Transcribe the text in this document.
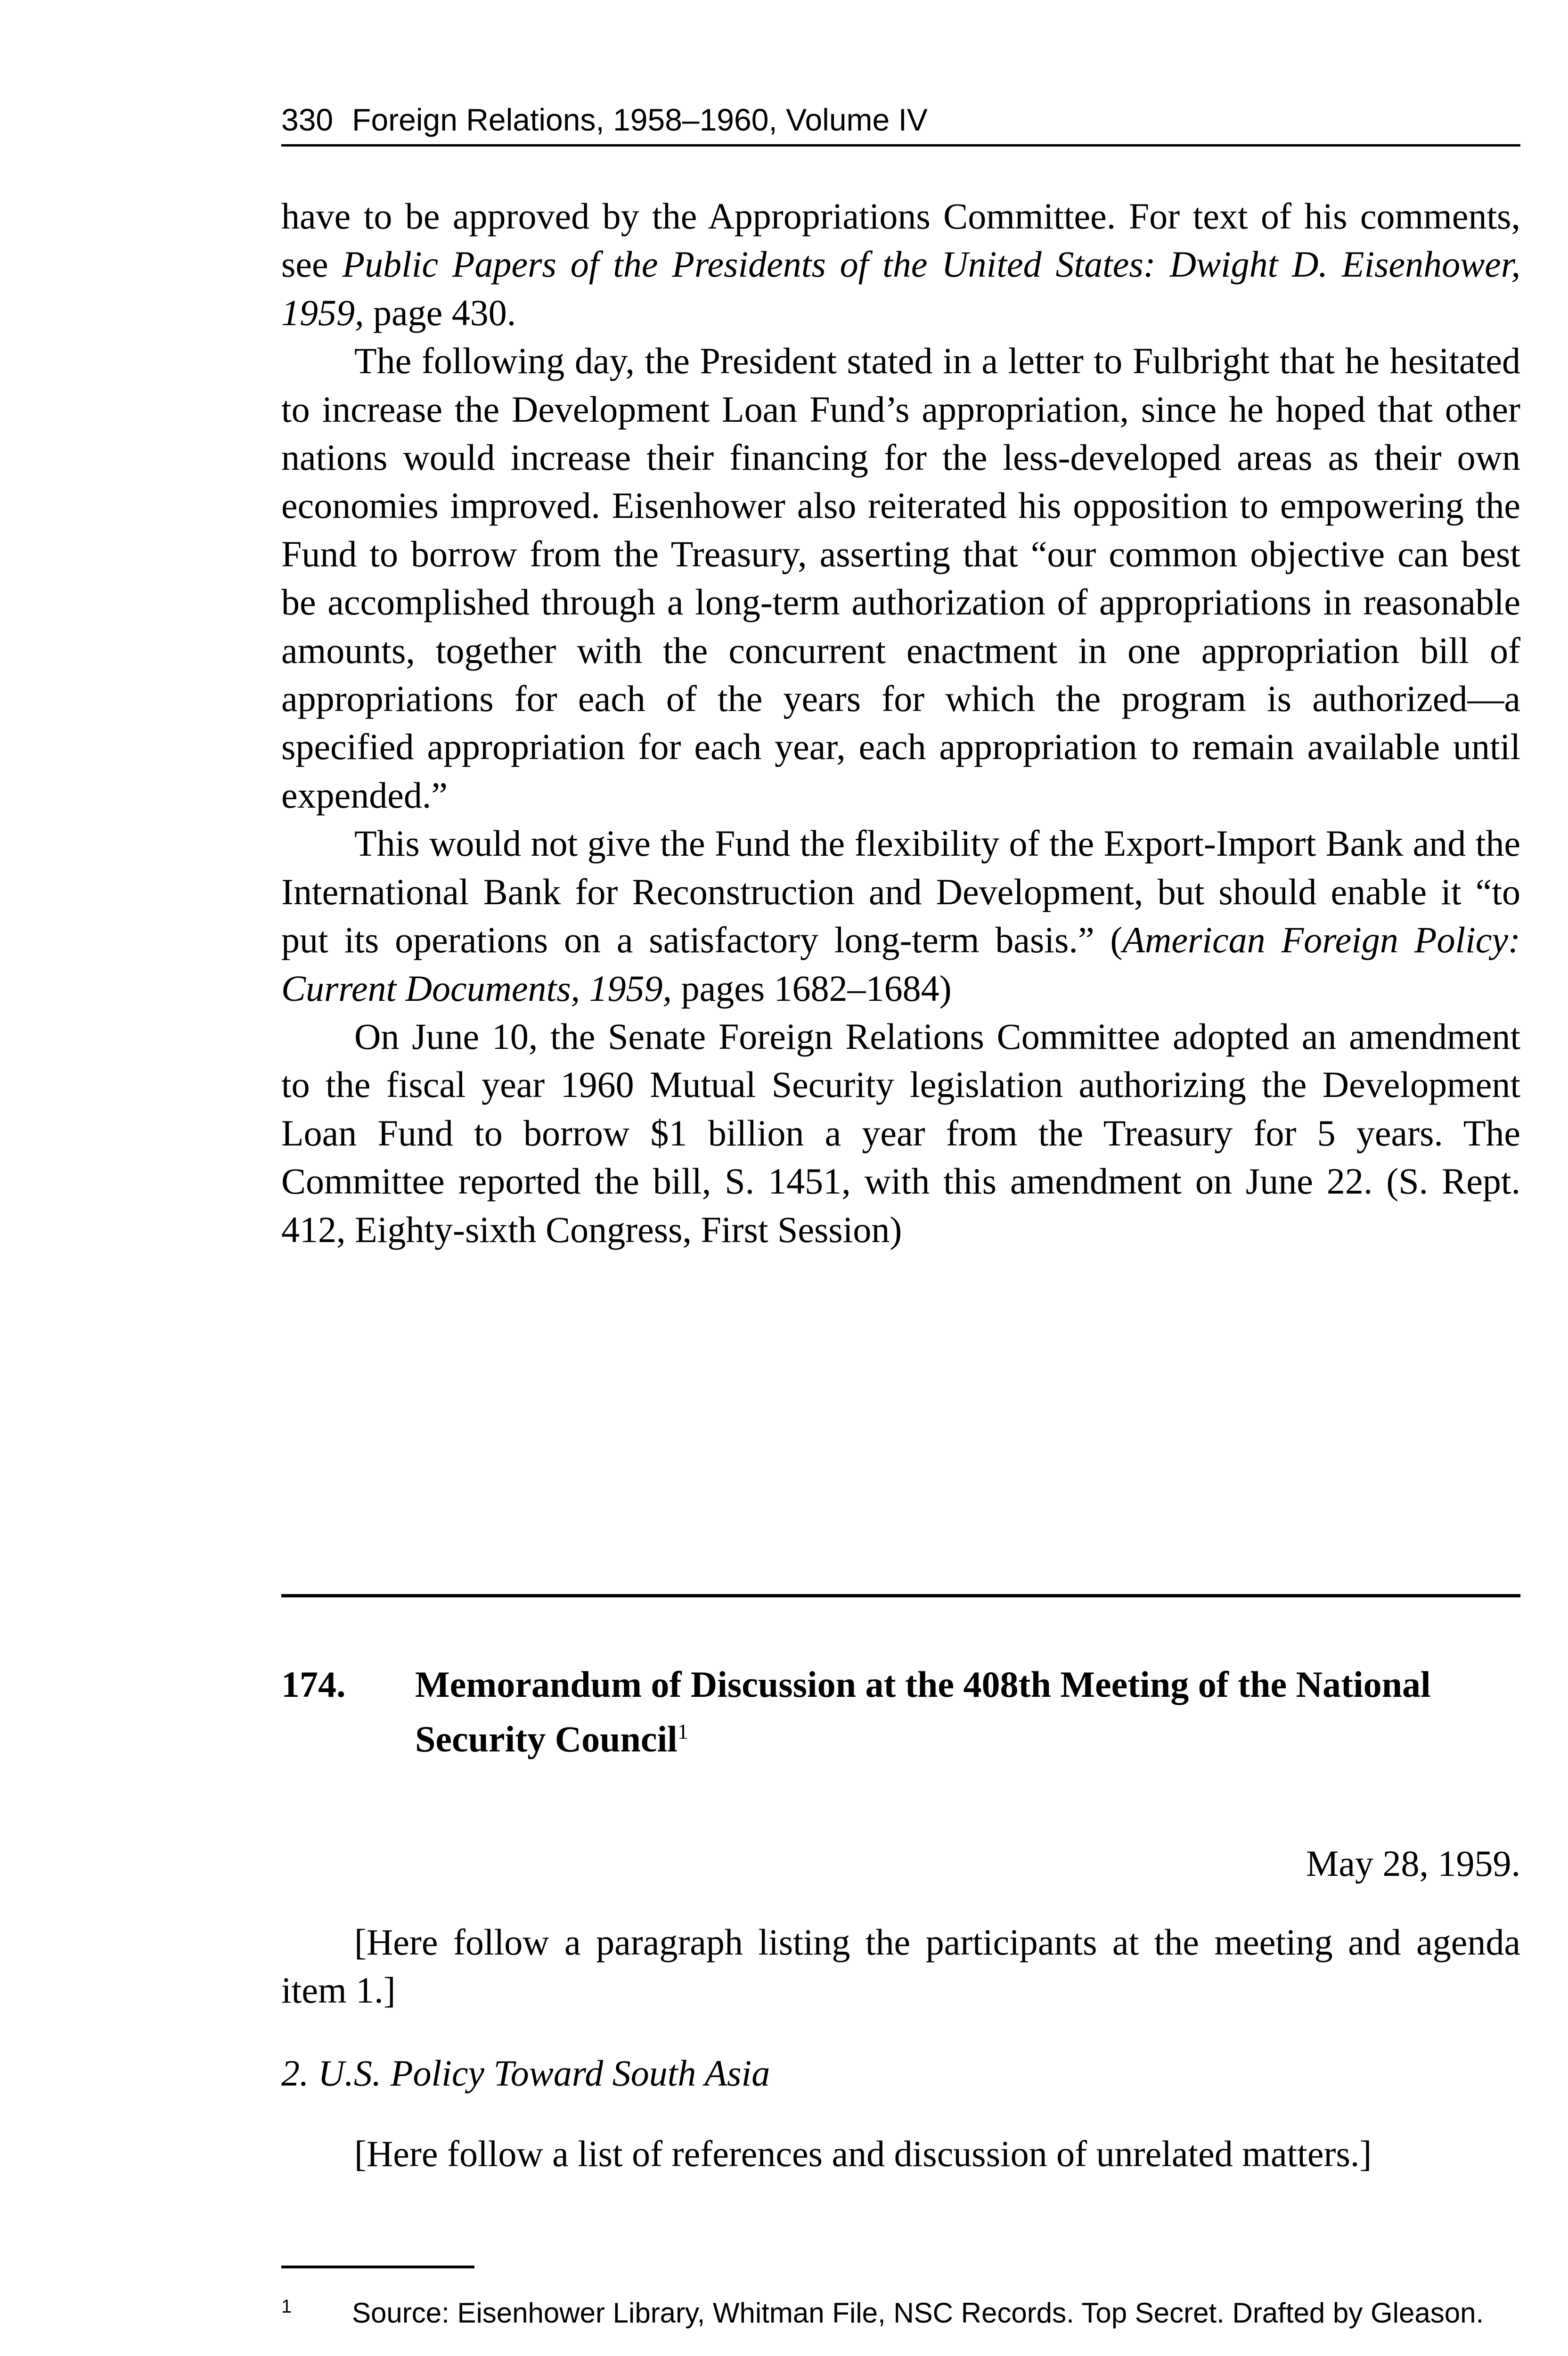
330 Foreign Relations, 1958–1960, Volume IV

have to be approved by the Appropriations Committee. For text of his comments, see Public Papers of the Presidents of the United States: Dwight D. Eisenhower, 1959, page 430.

The following day, the President stated in a letter to Fulbright that he hesitated to increase the Development Loan Fund’s appropriation, since he hoped that other nations would increase their financing for the less-developed areas as their own economies improved. Eisenhower also reiterated his opposition to empowering the Fund to borrow from the Treasury, asserting that “our common objective can best be accomplished through a long-term authorization of appropriations in reasonable amounts, together with the concurrent enactment in one appropriation bill of appropriations for each of the years for which the program is authorized—a specified appropriation for each year, each appropriation to remain available until expended.”

This would not give the Fund the flexibility of the Export-Import Bank and the International Bank for Reconstruction and Development, but should enable it “to put its operations on a satisfactory long-term basis.” (American Foreign Policy: Current Documents, 1959, pages 1682–1684)

On June 10, the Senate Foreign Relations Committee adopted an amendment to the fiscal year 1960 Mutual Security legislation authorizing the Development Loan Fund to borrow $1 billion a year from the Treasury for 5 years. The Committee reported the bill, S. 1451, with this amendment on June 22. (S. Rept. 412, Eighty-sixth Congress, First Session)

174. Memorandum of Discussion at the 408th Meeting of the National Security Council$^1$
May 28, 1959.

[Here follow a paragraph listing the participants at the meeting and agenda item 1.]

2. U.S. Policy Toward South Asia

[Here follow a list of references and discussion of unrelated matters.]

$^1$ Source: Eisenhower Library, Whitman File, NSC Records. Top Secret. Drafted by Gleason.
